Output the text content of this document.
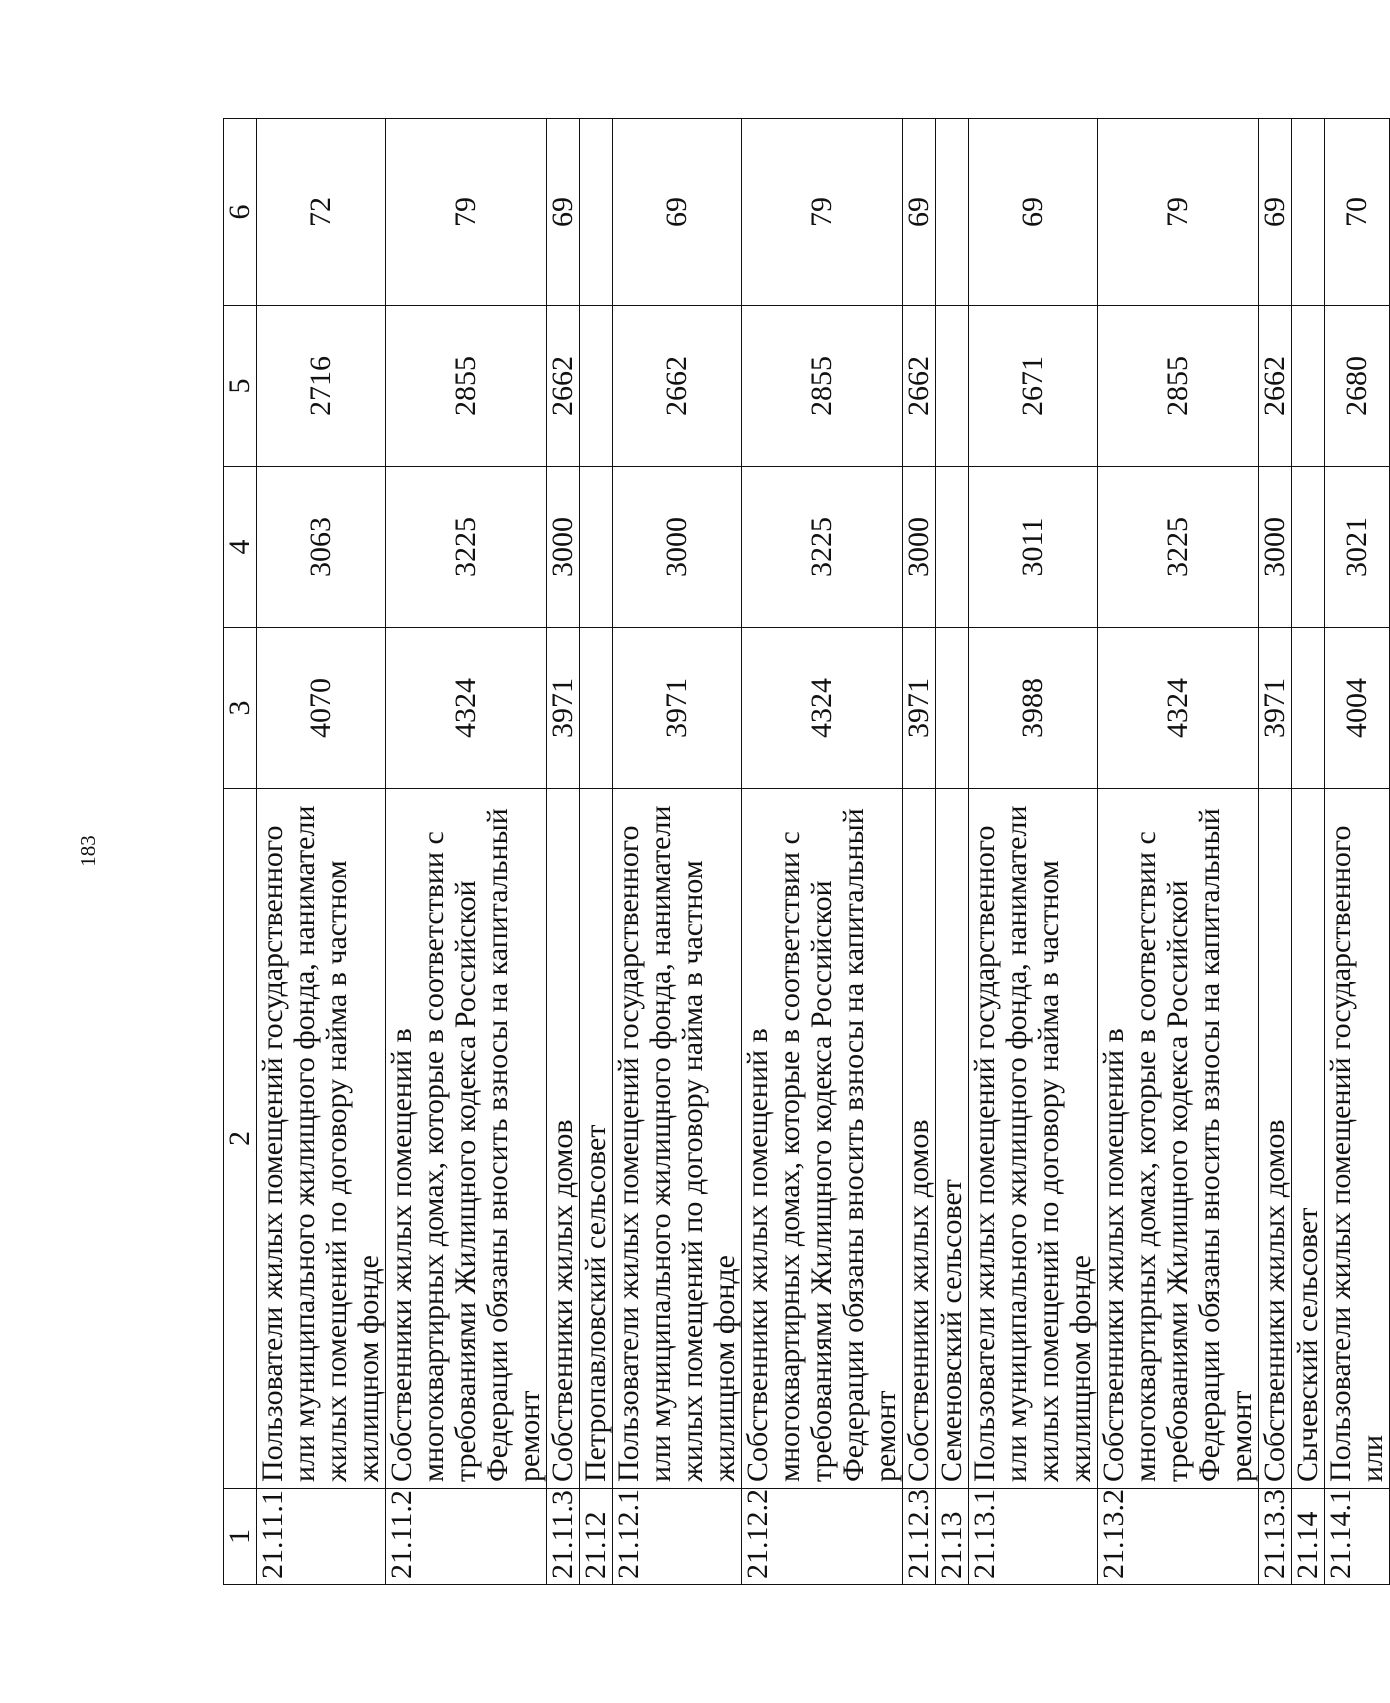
183
1	2	3	4	5	6
21.11.1	Пользователи жилых помещений государственного или муниципального жилищного фонда, наниматели жилых помещений по договору найма в частном жилищном фонде	4070	3063	2716	72
21.11.2	Собственники жилых помещений в многоквартирных домах, которые в соответствии с требованиями Жилищного кодекса Российской Федерации обязаны вносить взносы на капитальный ремонт	4324	3225	2855	79
21.11.3	Собственники жилых домов	3971	3000	2662	69
21.12	Петропавловский сельсовет				
21.12.1	Пользователи жилых помещений государственного или муниципального жилищного фонда, наниматели жилых помещений по договору найма в частном жилищном фонде	3971	3000	2662	69
21.12.2	Собственники жилых помещений в многоквартирных домах, которые в соответствии с требованиями Жилищного кодекса Российской Федерации обязаны вносить взносы на капитальный ремонт	4324	3225	2855	79
21.12.3	Собственники жилых домов	3971	3000	2662	69
21.13	Семеновский сельсовет				
21.13.1	Пользователи жилых помещений государственного или муниципального жилищного фонда, наниматели жилых помещений по договору найма в частном жилищном фонде	3988	3011	2671	69
21.13.2	Собственники жилых помещений в многоквартирных домах, которые в соответствии с требованиями Жилищного кодекса Российской Федерации обязаны вносить взносы на капитальный ремонт	4324	3225	2855	79
21.13.3	Собственники жилых домов	3971	3000	2662	69
21.14	Сычевский сельсовет				
21.14.1	Пользователи жилых помещений государственного или	4004	3021	2680	70
